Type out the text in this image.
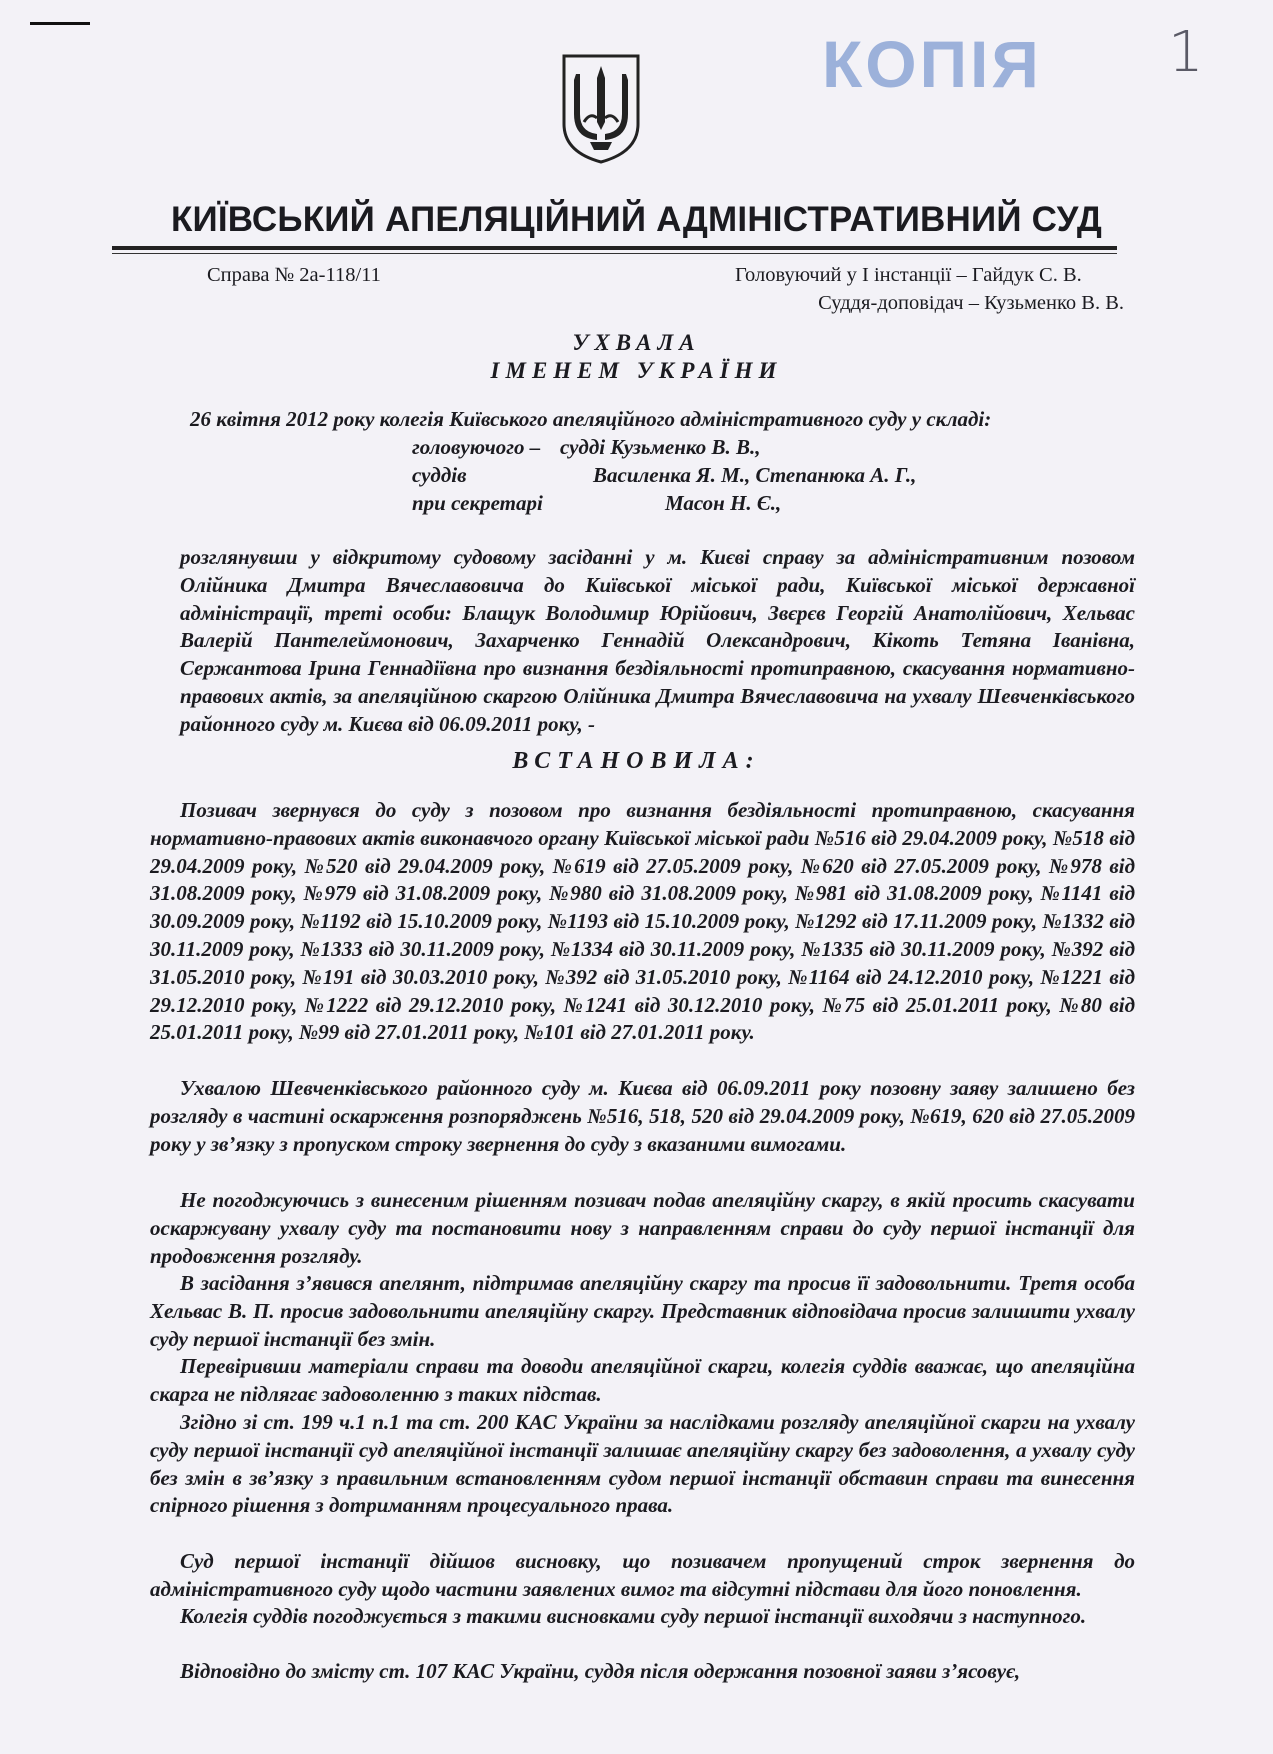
КОПІЯ 1
КИЇВСЬКИЙ АПЕЛЯЦІЙНИЙ АДМІНІСТРАТИВНИЙ СУД
Справа № 2а-118/11	Головуючий у І інстанції – Гайдук С. В.
Суддя-доповідач – Кузьменко В. В.
УХВАЛА
ІМЕНЕМ УКРАЇНИ
26 квітня 2012 року колегія Київського апеляційного адміністративного суду у складі:
головуючого – судді Кузьменко В. В.,
суддів	Василенка Я. М., Степанюка А. Г.,
при секретарі	Масон Н. Є.,

розглянувши у відкритому судовому засіданні у м. Києві справу за адміністративним позовом Олійника Дмитра Вячеславовича до Київської міської ради, Київської міської державної адміністрації, треті особи: Блащук Володимир Юрійович, Звєрєв Георгій Анатолійович, Хельвас Валерій Пантелеймонович, Захарченко Геннадій Олександрович, Кікоть Тетяна Іванівна, Сержантова Ірина Геннадіївна про визнання бездіяльності протиправною, скасування нормативно-правових актів, за апеляційною скаргою Олійника Дмитра Вячеславовича на ухвалу Шевченківського районного суду м. Києва від 06.09.2011 року, -

ВСТАНОВИЛА:

Позивач звернувся до суду з позовом про визнання бездіяльності протиправною, скасування нормативно-правових актів виконавчого органу Київської міської ради №516 від 29.04.2009 року, №518 від 29.04.2009 року, №520 від 29.04.2009 року, №619 від 27.05.2009 року, №620 від 27.05.2009 року, №978 від 31.08.2009 року, №979 від 31.08.2009 року, №980 від 31.08.2009 року, №981 від 31.08.2009 року, №1141 від 30.09.2009 року, №1192 від 15.10.2009 року, №1193 від 15.10.2009 року, №1292 від 17.11.2009 року, №1332 від 30.11.2009 року, №1333 від 30.11.2009 року, №1334 від 30.11.2009 року, №1335 від 30.11.2009 року, №392 від 31.05.2010 року, №191 від 30.03.2010 року, №392 від 31.05.2010 року, №1164 від 24.12.2010 року, №1221 від 29.12.2010 року, №1222 від 29.12.2010 року, №1241 від 30.12.2010 року, №75 від 25.01.2011 року, №80 від 25.01.2011 року, №99 від 27.01.2011 року, №101 від 27.01.2011 року.

Ухвалою Шевченківського районного суду м. Києва від 06.09.2011 року позовну заяву залишено без розгляду в частині оскарження розпоряджень №516, 518, 520 від 29.04.2009 року, №619, 620 від 27.05.2009 року у зв’язку з пропуском строку звернення до суду з вказаними вимогами.

Не погоджуючись з винесеним рішенням позивач подав апеляційну скаргу, в якій просить скасувати оскаржувану ухвалу суду та постановити нову з направленням справи до суду першої інстанції для продовження розгляду.

В засідання з’явився апелянт, підтримав апеляційну скаргу та просив її задовольнити. Третя особа Хельвас В. П. просив задовольнити апеляційну скаргу. Представник відповідача просив залишити ухвалу суду першої інстанції без змін.

Перевіривши матеріали справи та доводи апеляційної скарги, колегія суддів вважає, що апеляційна скарга не підлягає задоволенню з таких підстав.

Згідно зі ст. 199 ч.1 п.1 та ст. 200 КАС України за наслідками розгляду апеляційної скарги на ухвалу суду першої інстанції суд апеляційної інстанції залишає апеляційну скаргу без задоволення, а ухвалу суду без змін в зв’язку з правильним встановленням судом першої інстанції обставин справи та винесення спірного рішення з дотриманням процесуального права.

Суд першої інстанції дійшов висновку, що позивачем пропущений строк звернення до адміністративного суду щодо частини заявлених вимог та відсутні підстави для його поновлення.

Колегія суддів погоджується з такими висновками суду першої інстанції виходячи з наступного.

Відповідно до змісту ст. 107 КАС України, суддя після одержання позовної заяви з’ясовує,
